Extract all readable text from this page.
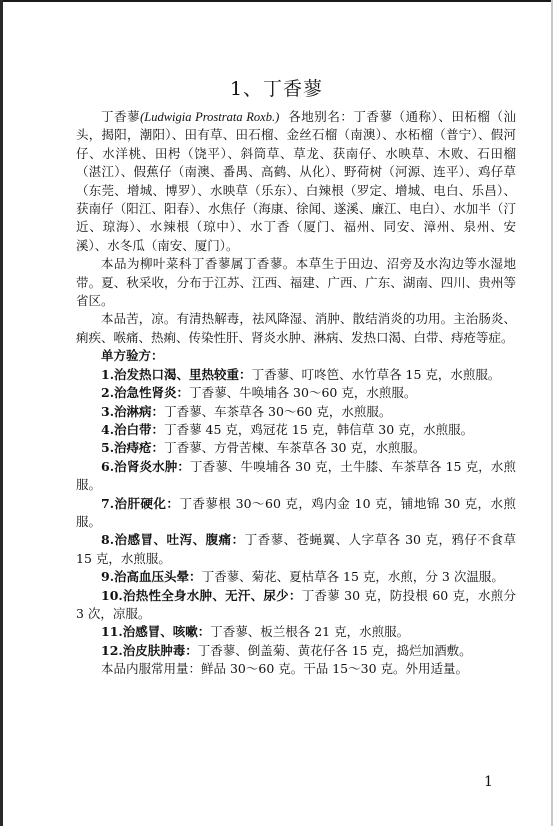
1、丁香蓼

丁香蓼(Ludwigia Prostrata Roxb.) 各地别名：丁香蓼（通称）、田柘榴（汕头，揭阳，潮阳）、田有草、田石榴、金丝石榴（南澳）、水柘榴（普宁）、假河仔、水洋桃、田枵（饶平）、斜筒草、草龙、获南仔、水映草、木败、石田榴（湛江）、假蕉仔（南澳、番禺、高鹤、从化）、野荷树（河源、连平）、鸡仔草（东莞、增城、博罗）、水映草（乐东）、白辣根（罗定、增城、电白、乐昌）、获南仔（阳江、阳春）、水焦仔（海康、徐闻、遂溪、廉江、电白）、水加半（汀近、琼海）、水辣根（琼中）、水丁香（厦门、福州、同安、漳州、泉州、安溪）、水冬瓜（南安、厦门）。

本品为柳叶菜科丁香蓼属丁香蓼。本草生于田边、沼旁及水沟边等水湿地带。夏、秋采收，分布于江苏、江西、福建、广西、广东、湖南、四川、贵州等省区。

本品苦，凉。有清热解毒，祛风降湿、消肿、散结消炎的功用。主治肠炎、痢疾、喉痛、热痢、传染性肝、肾炎水肿、淋病、发热口渴、白带、痔疮等症。

单方验方：

1.治发热口渴、里热较重：丁香蓼、叮咚笆、水竹草各 15 克，水煎服。

2.治急性肾炎：丁香蓼、牛唤埔各 30～60 克，水煎服。

3.治淋病：丁香蓼、车茶草各 30～60 克，水煎服。

4.治白带：丁香蓼 45 克，鸡冠花 15 克，韩信草 30 克，水煎服。

5.治痔疮：丁香蓼、方骨苦楝、车茶草各 30 克，水煎服。

6.治肾炎水肿：丁香蓼、牛嗅埔各 30 克，土牛膝、车茶草各 15 克，水煎服。

7.治肝硬化：丁香蓼根 30～60 克，鸡内金 10 克，铺地锦 30 克，水煎服。

8.治感冒、吐泻、腹痛：丁香蓼、苍蝇翼、人字草各 30 克，鸦仔不食草 15 克，水煎服。

9.治高血压头晕：丁香蓼、菊花、夏枯草各 15 克，水煎，分 3 次温服。

10.治热性全身水肿、无汗、尿少：丁香蓼 30 克，防投根 60 克，水煎分 3 次，凉服。

11.治感冒、咳嗽：丁香蓼、板兰根各 21 克，水煎服。

12.治皮肤肿毒：丁香蓼、倒盖菊、黄花仔各 15 克，捣烂加酒敷。

本品内服常用量：鲜品 30～60 克。干品 15～30 克。外用适量。

1
